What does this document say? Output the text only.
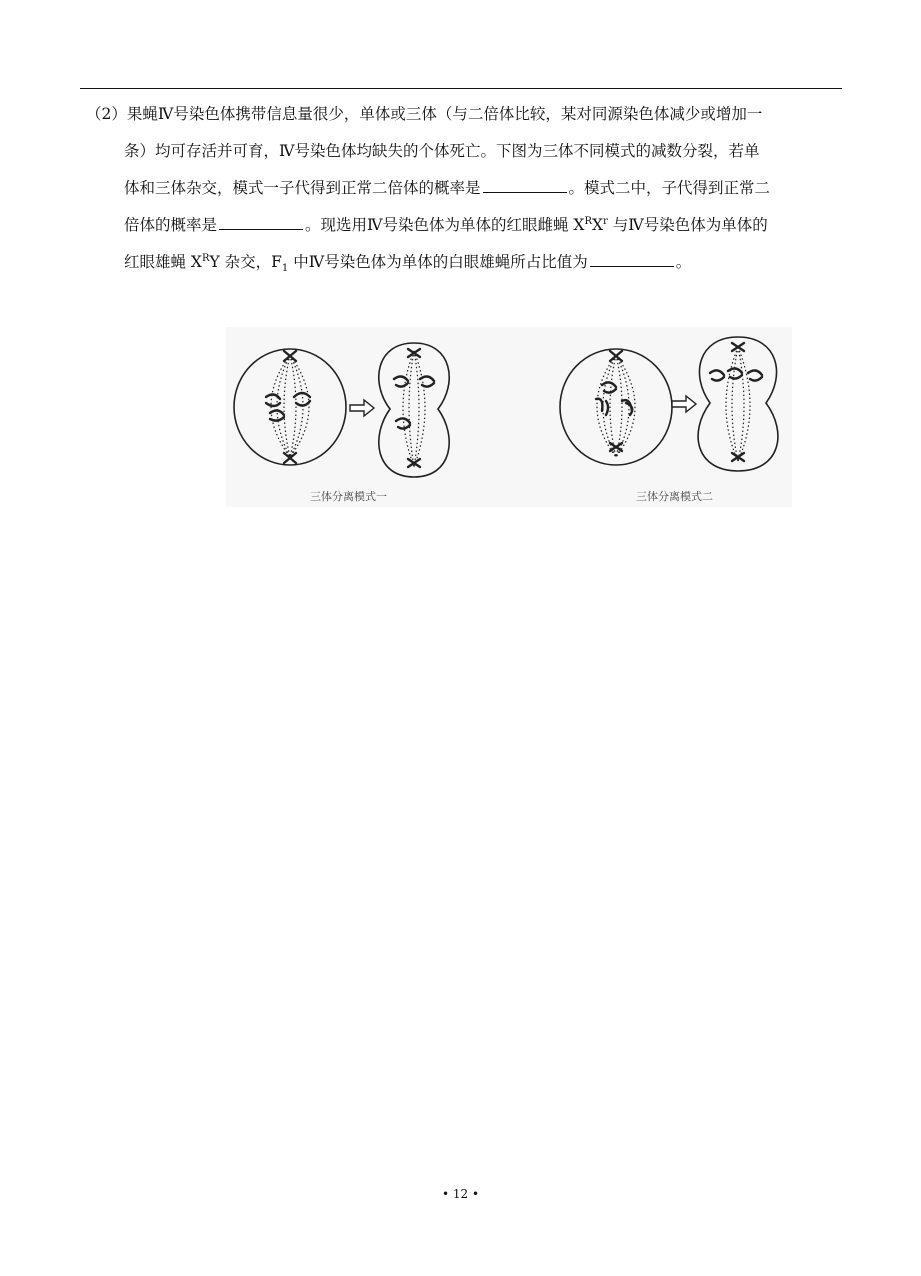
（2）果蝇Ⅳ号染色体携带信息量很少，单体或三体（与二倍体比较，某对同源染色体减少或增加一
条）均可存活并可育，Ⅳ号染色体均缺失的个体死亡。下图为三体不同模式的减数分裂，若单
体和三体杂交，模式一子代得到正常二倍体的概率是	。模式二中，子代得到正常二
倍体的概率是	。现选用Ⅳ号染色体为单体的红眼雌蝇 $X^RX^r$ 与Ⅳ号染色体为单体的
红眼雄蝇 $X^RY$ 杂交，$F_1$ 中Ⅳ号染色体为单体的白眼雄蝇所占比值为	。
三体分离模式一	三体分离模式二
• 12 •
